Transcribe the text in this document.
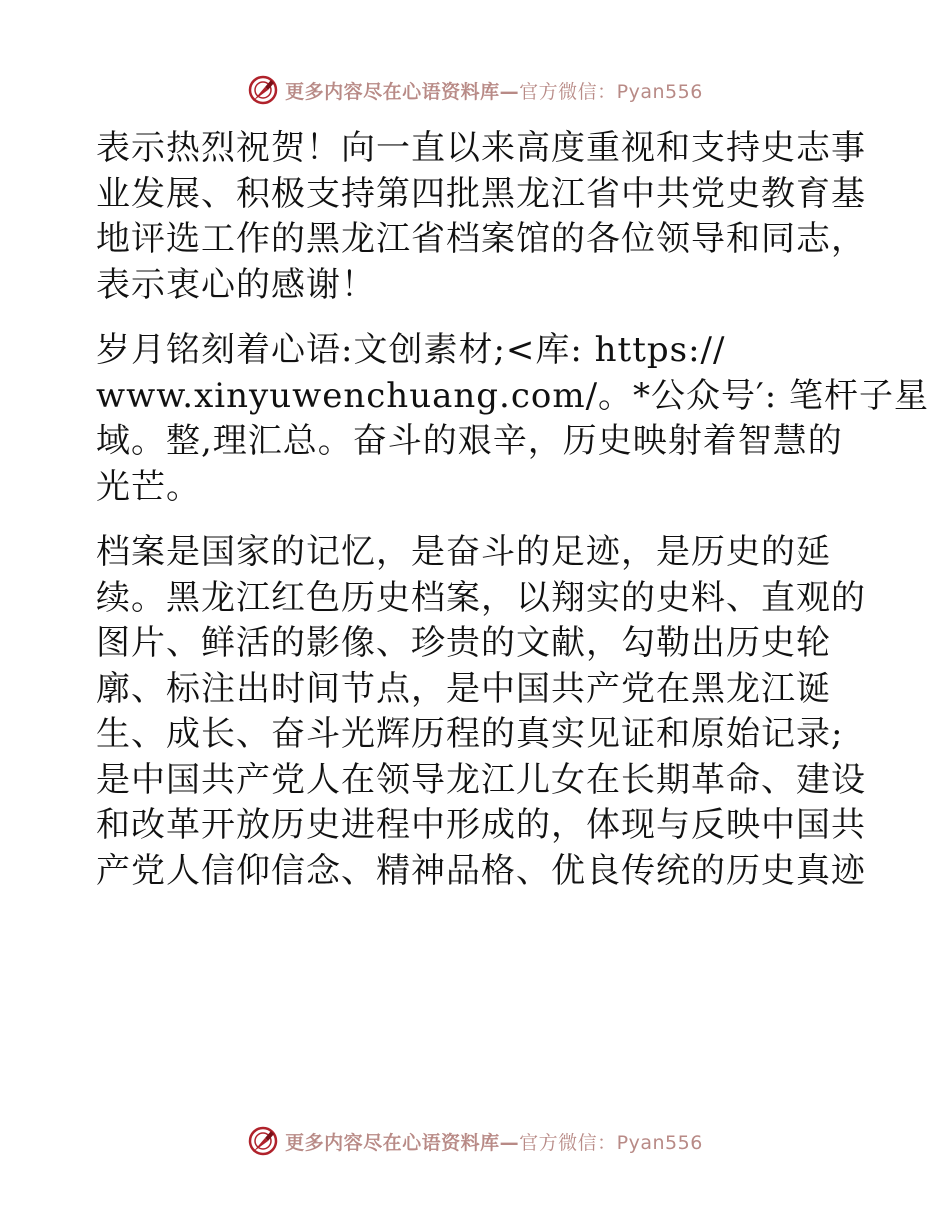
更多内容尽在心语资料库—官方微信：Pyan556

表示热烈祝贺！向一直以来高度重视和支持史志事
业发展、积极支持第四批黑龙江省中共党史教育基
地评选工作的黑龙江省档案馆的各位领导和同志，
表示衷心的感谢！

岁月铭刻着心语:文创素材;<库: https://
www.xinyuwenchuang.com/。*公众号′: 笔杆子星
域。整,理汇总。奋斗的艰辛，历史映射着智慧的
光芒。

档案是国家的记忆，是奋斗的足迹，是历史的延
续。黑龙江红色历史档案，以翔实的史料、直观的
图片、鲜活的影像、珍贵的文献，勾勒出历史轮
廓、标注出时间节点，是中国共产党在黑龙江诞
生、成长、奋斗光辉历程的真实见证和原始记录;
是中国共产党人在领导龙江儿女在长期革命、建设
和改革开放历史进程中形成的，体现与反映中国共
产党人信仰信念、精神品格、优良传统的历史真迹

更多内容尽在心语资料库—官方微信：Pyan556
